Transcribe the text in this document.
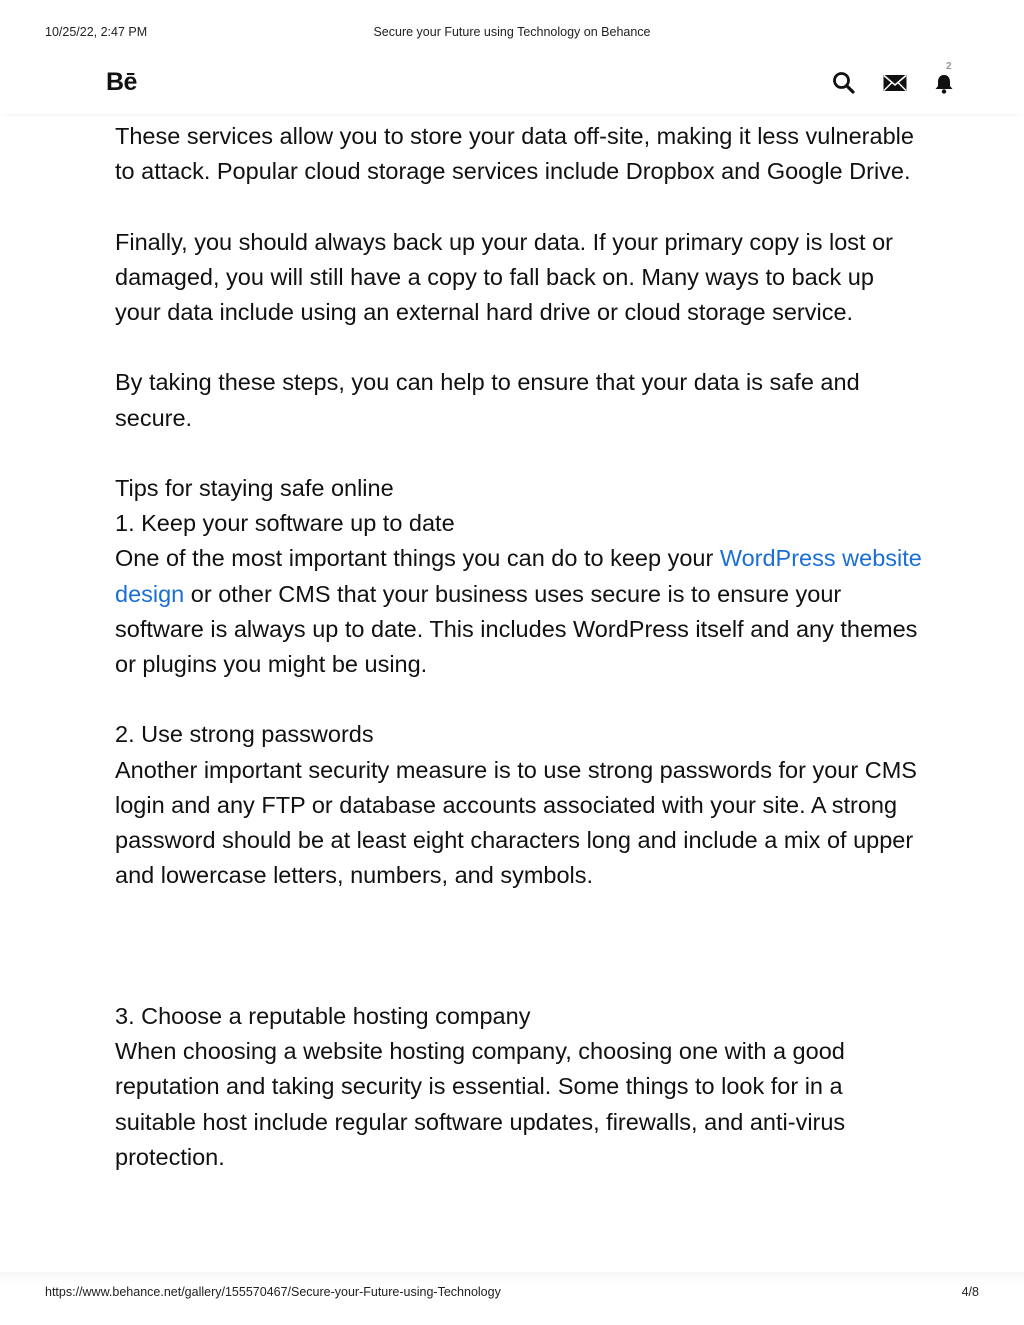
10/25/22, 2:47 PM	Secure your Future using Technology on Behance
Bē
2

These services allow you to store your data off-site, making it less vulnerable to attack. Popular cloud storage services include Dropbox and Google Drive.

Finally, you should always back up your data. If your primary copy is lost or damaged, you will still have a copy to fall back on. Many ways to back up your data include using an external hard drive or cloud storage service.

By taking these steps, you can help to ensure that your data is safe and secure.

Tips for staying safe online

1. Keep your software up to date

One of the most important things you can do to keep your WordPress website design or other CMS that your business uses secure is to ensure your software is always up to date. This includes WordPress itself and any themes or plugins you might be using.

2. Use strong passwords

Another important security measure is to use strong passwords for your CMS login and any FTP or database accounts associated with your site. A strong password should be at least eight characters long and include a mix of upper and lowercase letters, numbers, and symbols.

3. Choose a reputable hosting company

When choosing a website hosting company, choosing one with a good reputation and taking security is essential. Some things to look for in a suitable host include regular software updates, firewalls, and anti-virus protection.

https://www.behance.net/gallery/155570467/Secure-your-Future-using-Technology	4/8
